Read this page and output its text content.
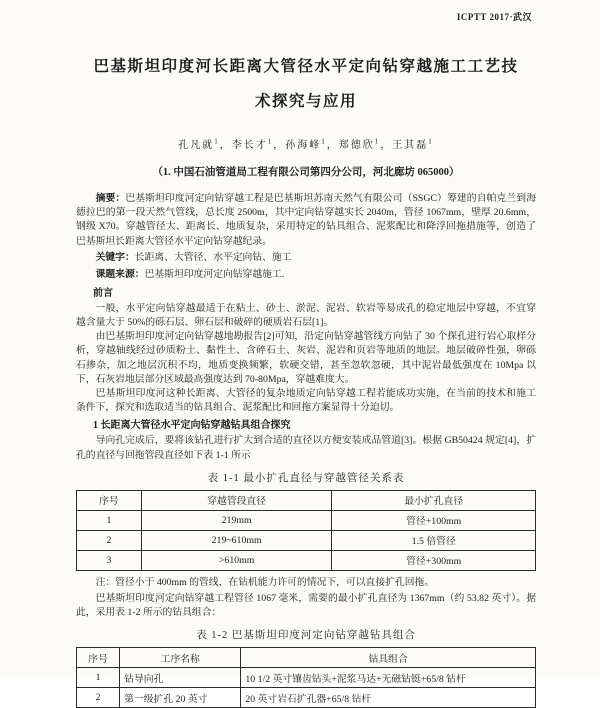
ICPTT 2017·武汉
巴基斯坦印度河长距离大管径水平定向钻穿越施工工艺技
术探究与应用
孔凡就$^1$，李长才$^1$，孙海峰$^1$，郑德欣$^1$，王其磊$^1$
（1. 中国石油管道局工程有限公司第四分公司，河北廊坊 065000）

摘要：巴基斯坦印度河定向钻穿越工程是巴基斯坦苏南天然气有限公司（SSGC）筹建的自帕克兰到海德拉巴的第一段天然气管线，总长度 2500m，其中定向钻穿越实长 2040m，管径 1067mm，壁厚 20.6mm，钢级 X70。穿越管径大、距离长、地质复杂，采用特定的钻具组合、泥浆配比和降浮回拖措施等，创造了巴基斯坦长距离大管径水平定向钻穿越纪录。

关键字：长距离、大管径、水平定向钻、施工

课题来源：巴基斯坦印度河定向钻穿越施工.

前言

一般，水平定向钻穿越最适于在粘土、砂土、淤泥、泥岩、软岩等易成孔的稳定地层中穿越，不宜穿越含量大于 50%的砾石层、卵石层和破碎的硬质岩石层[1]。

由巴基斯坦印度河定向钻穿越地勘报告[2]可知，沿定向钻穿越管线方向钻了 30 个探孔进行岩心取样分析，穿越轴线经过砂质粉土、黏性土、含碎石土、灰岩、泥岩和页岩等地质的地层。地层破碎性强，卵砾石掺杂，加之地层沉积不均，地质变换频繁，软硬交错，甚至忽软忽硬，其中泥岩最低强度在 10Mpa 以下，石灰岩地层部分区域最高强度达到 70-80Mpa，穿越难度大。

巴基斯坦印度河这种长距离、大管径的复杂地质定向钻穿越工程若能成功实施，在当前的技术和施工条件下，探究和选取适当的钻具组合、泥浆配比和回拖方案显得十分迫切。

1 长距离大管径水平定向钻穿越钻具组合探究

导向孔完成后，要将该钻孔进行扩大到合适的直径以方便安装成品管道[3]。根据 GB50424 规定[4]，扩孔的直径与回拖管段直径如下表 1-1 所示

表 1-1 最小扩孔直径与穿越管径关系表
序号	穿越管段直径	最小扩孔直径
1	219mm	管径+100mm
2	219~610mm	1.5 倍管径
3	>610mm	管径+300mm

注：管径小于 400mm 的管线，在钻机能力许可的情况下，可以直接扩孔回拖。

巴基斯坦印度河定向钻穿越工程管径 1067 毫米，需要的最小扩孔直径为 1367mm（约 53.82 英寸）。据此，采用表 1-2 所示的钻具组合：

表 1-2 巴基斯坦印度河定向钻穿越钻具组合
序号	工序名称	钻具组合
1	钻导向孔	10 1/2 英寸镶齿钻头+泥浆马达+无磁钻铤+65/8 钻杆
2	第一级扩孔 20 英寸	20 英寸岩石扩孔器+65/8 钻杆
